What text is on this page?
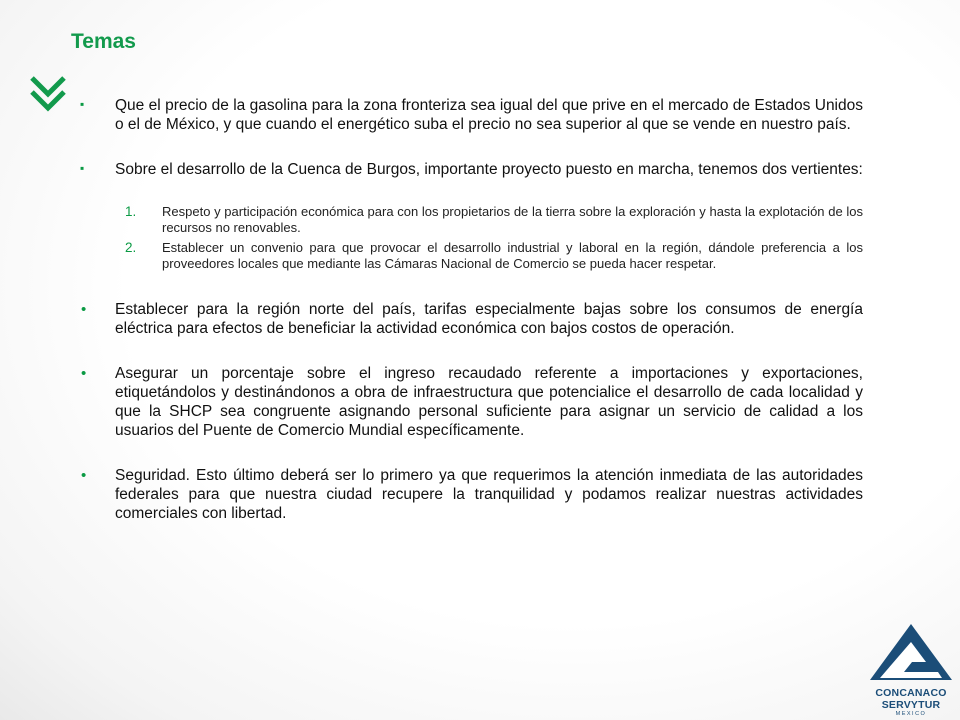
Temas
▪ Que el precio de la gasolina para la zona fronteriza sea igual del que prive en el mercado de Estados Unidos o el de México, y que cuando el energético suba el precio no sea superior al que se vende en nuestro país.
▪ Sobre el desarrollo de la Cuenca de Burgos, importante proyecto puesto en marcha, tenemos dos vertientes:
1. Respeto y participación económica para con los propietarios de la tierra sobre la exploración y hasta la explotación de los recursos no renovables.
2. Establecer un convenio para que provocar el desarrollo industrial y laboral en la región, dándole preferencia a los proveedores locales que mediante las Cámaras Nacional de Comercio se pueda hacer respetar.
• Establecer para la región norte del país, tarifas especialmente bajas sobre los consumos de energía eléctrica para efectos de beneficiar la actividad económica con bajos costos de operación.
• Asegurar un porcentaje sobre el ingreso recaudado referente a importaciones y exportaciones, etiquetándolos y destinándonos a obra de infraestructura que potencialice el desarrollo de cada localidad y que la SHCP sea congruente asignando personal suficiente para asignar un servicio de calidad a los usuarios del Puente de Comercio Mundial específicamente.
• Seguridad. Esto último deberá ser lo primero ya que requerimos la atención inmediata de las autoridades federales para que nuestra ciudad recupere la tranquilidad y podamos realizar nuestras actividades comerciales con libertad.
CONCANACO
SERVYTUR
MEXICO
